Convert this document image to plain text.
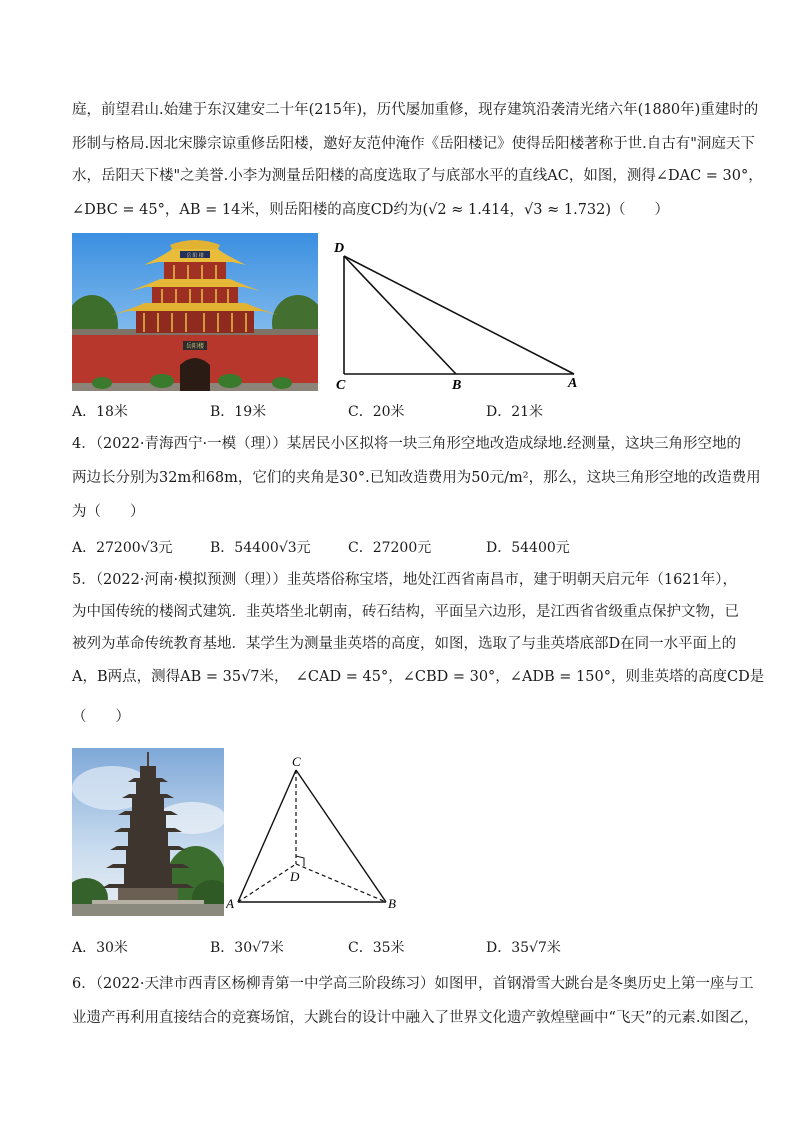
庭，前望君山.始建于东汉建安二十年(215年)，历代屡加重修，现存建筑沿袭清光绪六年(1880年)重建时的
形制与格局.因北宋滕宗谅重修岳阳楼，邀好友范仲淹作《岳阳楼记》使得岳阳楼著称于世.自古有"洞庭天下
水，岳阳天下楼"之美誉.小李为测量岳阳楼的高度选取了与底部水平的直线AC，如图，测得∠DAC = 30°，
∠DBC = 45°，AB = 14米，则岳阳楼的高度CD约为(√2 ≈ 1.414，√3 ≈ 1.732)（　　）
岳阳楼
岳 阳 楼
D
C	B	A
A．18米	B．19米	C．20米	D．21米
4．（2022·青海西宁·一模（理））某居民小区拟将一块三角形空地改造成绿地.经测量，这块三角形空地的
两边长分别为32m和68m，它们的夹角是30°.已知改造费用为50元/m²，那么，这块三角形空地的改造费用
为（　　）
A．27200√3元	B．54400√3元	C．27200元	D．54400元
5．（2022·河南·模拟预测（理））韭英塔俗称宝塔，地处江西省南昌市，建于明朝天启元年（1621年），
为中国传统的楼阁式建筑．韭英塔坐北朝南，砖石结构，平面呈六边形，是江西省省级重点保护文物，已
被列为革命传统教育基地．某学生为测量韭英塔的高度，如图，选取了与韭英塔底部D在同一水平面上的
A，B两点，测得AB = 35√7米，　∠CAD = 45°，∠CBD = 30°，∠ADB = 150°，则韭英塔的高度CD是
（　　）
C
D
A	B
A．30米	B．30√7米	C．35米	D．35√7米
6．（2022·天津市西青区杨柳青第一中学高三阶段练习）如图甲，首钢滑雪大跳台是冬奥历史上第一座与工
业遗产再利用直接结合的竞赛场馆，大跳台的设计中融入了世界文化遗产敦煌壁画中“飞天”的元素.如图乙，
